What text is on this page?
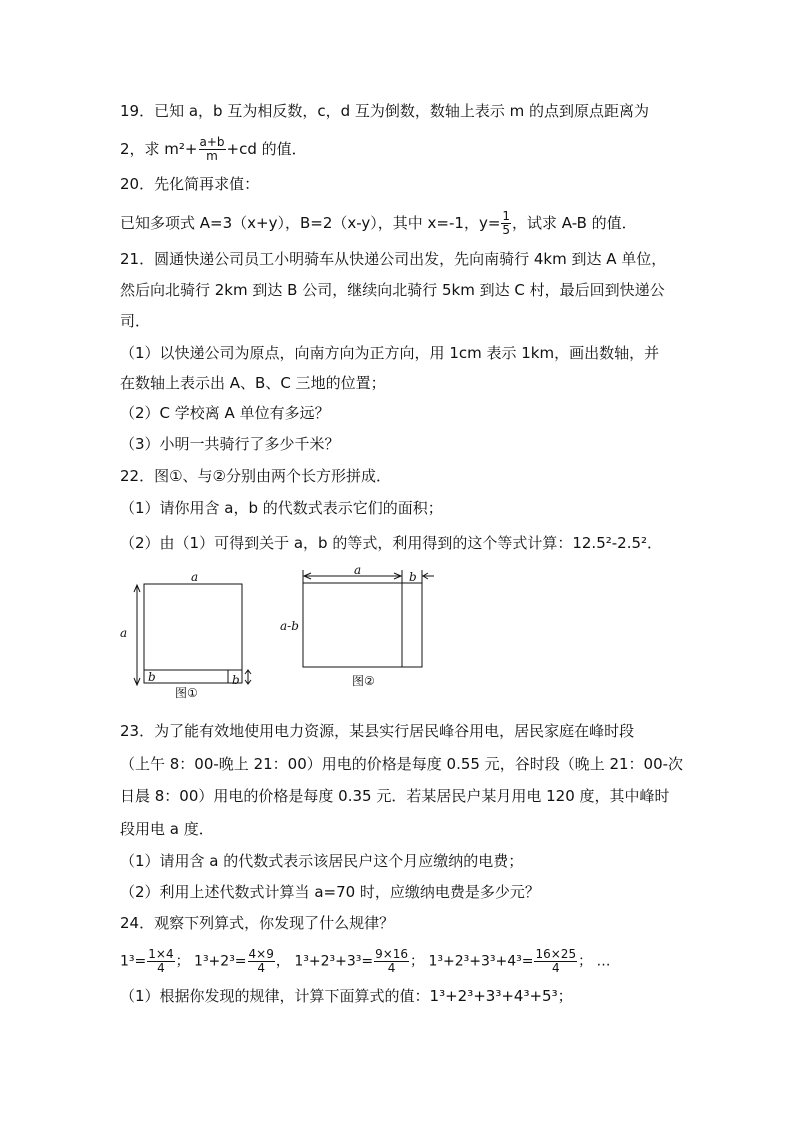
19．已知 a，b 互为相反数，c，d 互为倒数，数轴上表示 m 的点到原点距离为
2，求 $m^2+ \frac{a+b}{m} +cd$ 的值．
20．先化简再求值：
已知多项式 A=3（x+y），B=2（x-y），其中 x=-1，$y= \frac{1}{5}$ ，试求 A-B 的值．
21．圆通快递公司员工小明骑车从快递公司出发，先向南骑行 4km 到达 A 单位，
然后向北骑行 2km 到达 B 公司，继续向北骑行 5km 到达 C 村，最后回到快递公
司．
（1）以快递公司为原点，向南方向为正方向，用 1cm 表示 1km，画出数轴，并
在数轴上表示出 A、B、C 三地的位置；
（2）C 学校离 A 单位有多远？
（3）小明一共骑行了多少千米？
22．图①、与②分别由两个长方形拼成．
（1）请你用含 a，b 的代数式表示它们的面积；
（2）由（1）可得到关于 a，b 的等式，利用得到的这个等式计算：12.5²-2.5²．
a
a
b	b
图①
a	b
a-b
图②
23．为了能有效地使用电力资源，某县实行居民峰谷用电，居民家庭在峰时段
（上午 8：00-晚上 21：00）用电的价格是每度 0.55 元，谷时段（晚上 21：00-次
日晨 8：00）用电的价格是每度 0.35 元．若某居民户某月用电 120 度，其中峰时
段用电 a 度．
（1）请用含 a 的代数式表示该居民户这个月应缴纳的电费；
（2）利用上述代数式计算当 a=70 时，应缴纳电费是多少元？
24．观察下列算式，你发现了什么规律？
$1^3= \frac{1\times 4}{4}$ ； $1^3+2^3= \frac{4\times 9}{4}$ ， $1^3+2^3+3^3= \frac{9\times 16}{4}$ ； $1^3+2^3+3^3+4^3= \frac{16\times 25}{4}$ ； …
（1）根据你发现的规律，计算下面算式的值：1³+2³+3³+4³+5³；
